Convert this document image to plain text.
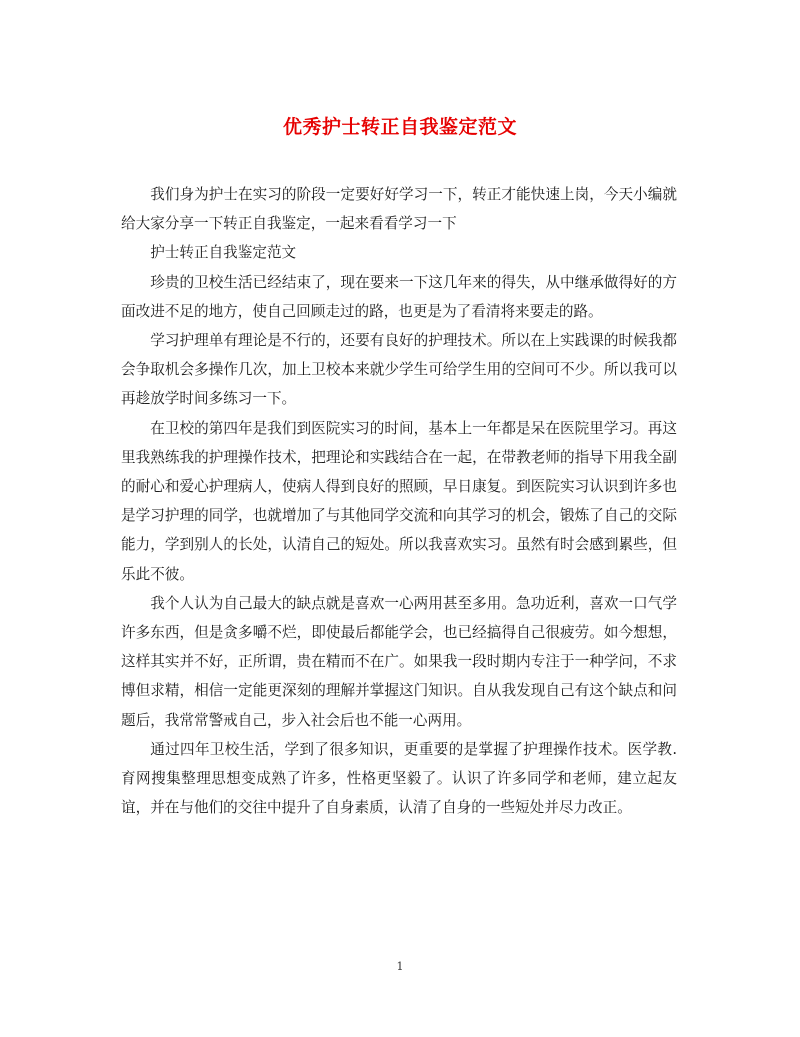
优秀护士转正自我鉴定范文

我们身为护士在实习的阶段一定要好好学习一下，转正才能快速上岗，今天小编就给大家分享一下转正自我鉴定，一起来看看学习一下

护士转正自我鉴定范文

珍贵的卫校生活已经结束了，现在要来一下这几年来的得失，从中继承做得好的方面改进不足的地方，使自己回顾走过的路，也更是为了看清将来要走的路。

学习护理单有理论是不行的，还要有良好的护理技术。所以在上实践课的时候我都会争取机会多操作几次，加上卫校本来就少学生可给学生用的空间可不少。所以我可以再趁放学时间多练习一下。

在卫校的第四年是我们到医院实习的时间，基本上一年都是呆在医院里学习。再这里我熟练我的护理操作技术，把理论和实践结合在一起，在带教老师的指导下用我全副的耐心和爱心护理病人，使病人得到良好的照顾，早日康复。到医院实习认识到许多也是学习护理的同学，也就增加了与其他同学交流和向其学习的机会，锻炼了自己的交际能力，学到别人的长处，认清自己的短处。所以我喜欢实习。虽然有时会感到累些，但乐此不彼。

我个人认为自己最大的缺点就是喜欢一心两用甚至多用。急功近利，喜欢一口气学许多东西，但是贪多嚼不烂，即使最后都能学会，也已经搞得自己很疲劳。如今想想，这样其实并不好，正所谓，贵在精而不在广。如果我一段时期内专注于一种学问，不求博但求精，相信一定能更深刻的理解并掌握这门知识。自从我发现自己有这个缺点和问题后，我常常警戒自己，步入社会后也不能一心两用。

通过四年卫校生活，学到了很多知识，更重要的是掌握了护理操作技术。医学教.育网搜集整理思想变成熟了许多，性格更坚毅了。认识了许多同学和老师，建立起友谊，并在与他们的交往中提升了自身素质，认清了自身的一些短处并尽力改正。

1
